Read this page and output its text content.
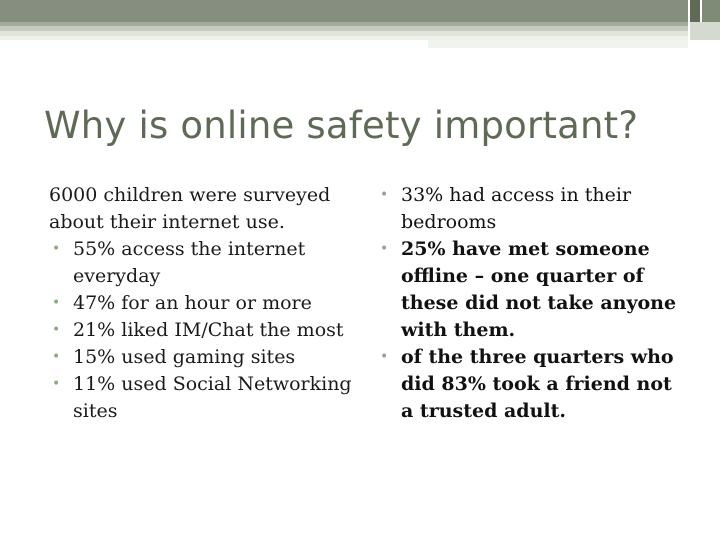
Why is online safety important?

6000 children were surveyed about their internet use.

• 55% access the internet everyday
• 47% for an hour or more
• 21% liked IM/Chat the most
• 15% used gaming sites
• 11% used Social Networking sites
• 33% had access in their bedrooms
• 25% have met someone offline – one quarter of these did not take anyone with them.
• of the three quarters who did 83% took a friend not a trusted adult.
